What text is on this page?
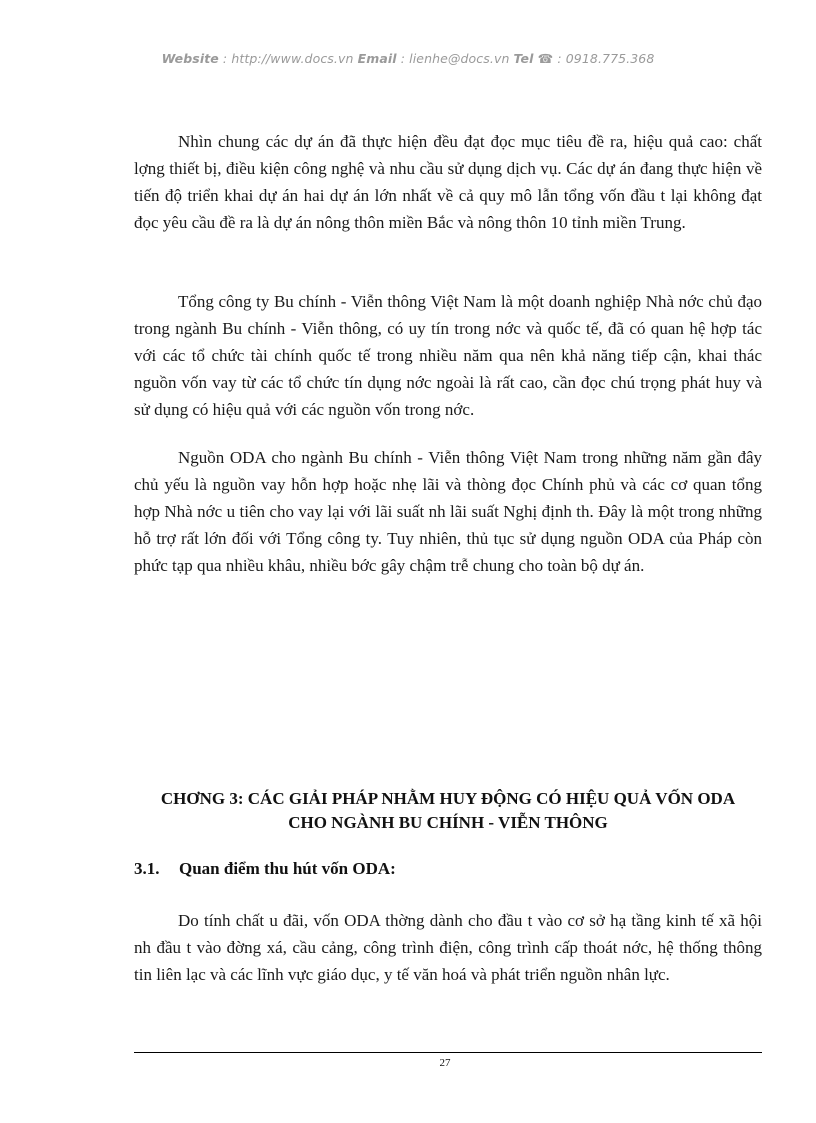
Website : http://www.docs.vn Email : lienhe@docs.vn Tel ☎ : 0918.775.368

Nhìn chung các dự án đã thực hiện đều đạt đọc mục tiêu đề ra, hiệu quả cao: chất lợng thiết bị, điều kiện công nghệ và nhu cầu sử dụng dịch vụ. Các dự án đang thực hiện về tiến độ triển khai dự án hai dự án lớn nhất về cả quy mô lẫn tổng vốn đầu t lại không đạt đọc yêu cầu đề ra là dự án nông thôn miền Bắc và nông thôn 10 tỉnh miền Trung.

Tổng công ty Bu chính - Viễn thông Việt Nam là một doanh nghiệp Nhà nớc chủ đạo trong ngành Bu chính - Viễn thông, có uy tín trong nớc và quốc tế, đã có quan hệ hợp tác với các tổ chức tài chính quốc tế trong nhiều năm qua nên khả năng tiếp cận, khai thác nguồn vốn vay từ các tổ chức tín dụng nớc ngoài là rất cao, cần đọc chú trọng phát huy và sử dụng có hiệu quả với các nguồn vốn trong nớc.

Nguồn ODA cho ngành Bu chính - Viễn thông Việt Nam trong những năm gần đây chủ yếu là nguồn vay hỗn hợp hoặc nhẹ lãi và thòng đọc Chính phủ và các cơ quan tổng hợp Nhà nớc u tiên cho vay lại với lãi suất nh lãi suất Nghị định th. Đây là một trong những hỗ trợ rất lớn đối với Tổng công ty. Tuy nhiên, thủ tục sử dụng nguồn ODA của Pháp còn phức tạp qua nhiều khâu, nhiều bớc gây chậm trễ chung cho toàn bộ dự án.

CHƠNG 3: CÁC GIẢI PHÁP NHẰM HUY ĐỘNG CÓ HIỆU QUẢ VỐN ODA
CHO NGÀNH BU CHÍNH - VIỄN THÔNG
3.1. Quan điểm thu hút vốn ODA:

Do tính chất u đãi, vốn ODA thờng dành cho đầu t vào cơ sở hạ tầng kinh tế xã hội nh đầu t vào đờng xá, cầu cảng, công trình điện, công trình cấp thoát nớc, hệ thống thông tin liên lạc và các lĩnh vực giáo dục, y tế văn hoá và phát triển nguồn nhân lực.

27
